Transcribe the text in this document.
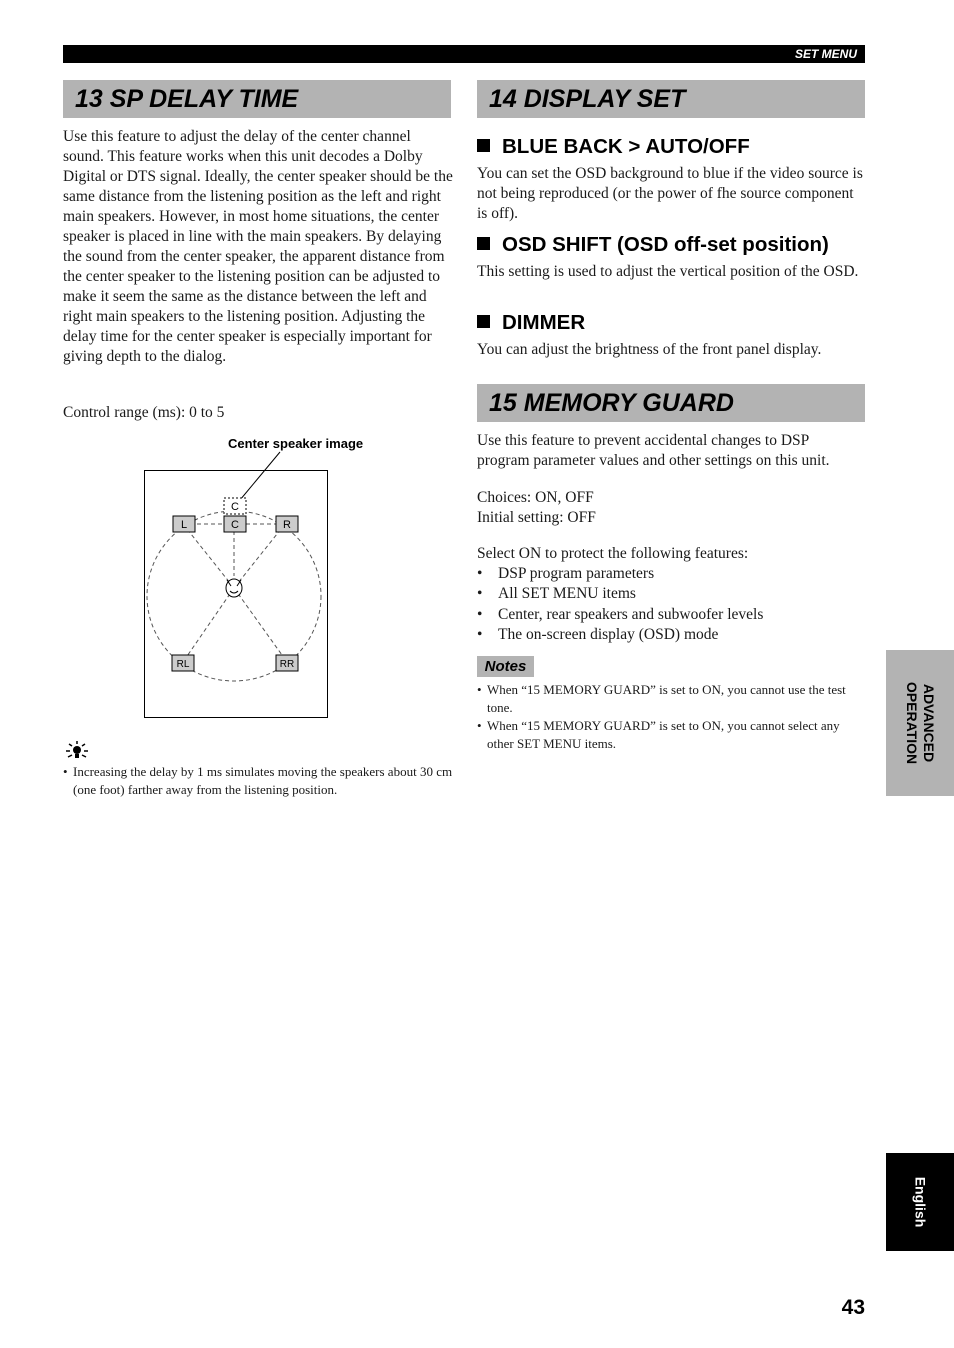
SET MENU
13 SP DELAY TIME

Use this feature to adjust the delay of the center channel sound. This feature works when this unit decodes a Dolby Digital or DTS signal. Ideally, the center speaker should be the same distance from the listening position as the left and right main speakers. However, in most home situations, the center speaker is placed in line with the main speakers. By delaying the sound from the center speaker, the apparent distance from the center speaker to the listening position can be adjusted to make it seem the same as the distance between the left and right main speakers to the listening position. Adjusting the delay time for the center speaker is especially important for giving depth to the dialog.

Control range (ms): 0 to 5

Center speaker image
C
L	C	R
RL	RR
• Increasing the delay by 1 ms simulates moving the speakers about 30 cm (one foot) farther away from the listening position.
14 DISPLAY SET
BLUE BACK > AUTO/OFF

You can set the OSD background to blue if the video source is not being reproduced (or the power of fhe source component is off).

OSD SHIFT (OSD off-set position)

This setting is used to adjust the vertical position of the OSD.

DIMMER

You can adjust the brightness of the front panel display.

15 MEMORY GUARD

Use this feature to prevent accidental changes to DSP program parameter values and other settings on this unit.

Choices: ON, OFF

Initial setting: OFF

Select ON to protect the following features:

• DSP program parameters
• All SET MENU items
• Center, rear speakers and subwoofer levels
• The on-screen display (OSD) mode
Notes
• When “15 MEMORY GUARD” is set to ON, you cannot use the test tone.
• When “15 MEMORY GUARD” is set to ON, you cannot select any other SET MENU items.	ADVANCED
OPERATION
English
43
